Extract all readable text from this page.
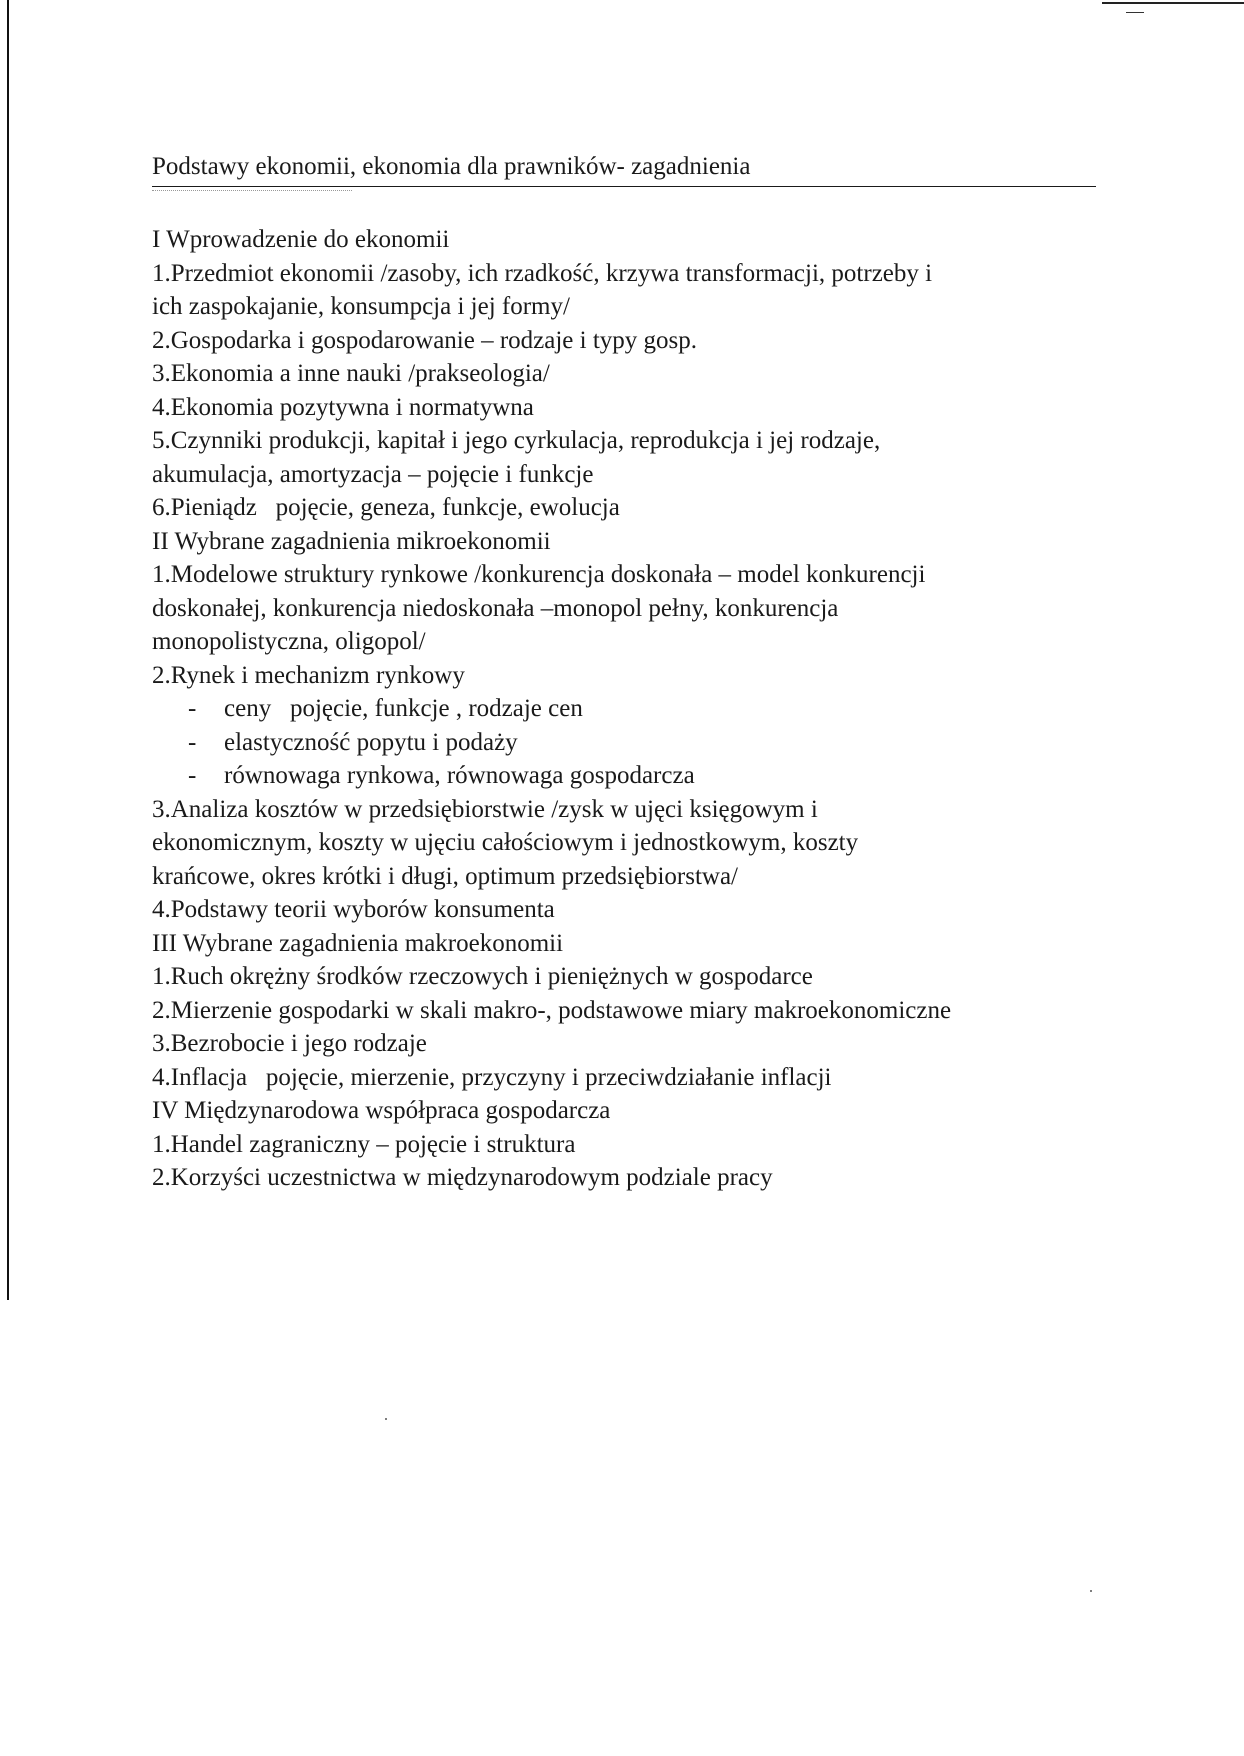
Podstawy ekonomii, ekonomia dla prawników- zagadnienia
I Wprowadzenie do ekonomii
1.Przedmiot ekonomii /zasoby, ich rzadkość, krzywa transformacji, potrzeby i
ich zaspokajanie, konsumpcja i jej formy/
2.Gospodarka i gospodarowanie – rodzaje i typy gosp.
3.Ekonomia a inne nauki /prakseologia/
4.Ekonomia pozytywna i normatywna
5.Czynniki produkcji, kapitał i jego cyrkulacja, reprodukcja i jej rodzaje,
akumulacja, amortyzacja – pojęcie i funkcje
6.Pieniądz   pojęcie, geneza, funkcje, ewolucja
II Wybrane zagadnienia mikroekonomii
1.Modelowe struktury rynkowe /konkurencja doskonała – model konkurencji
doskonałej, konkurencja niedoskonała –monopol pełny, konkurencja
monopolistyczna, oligopol/
2.Rynek i mechanizm rynkowy
- ceny   pojęcie, funkcje , rodzaje cen
- elastyczność popytu i podaży
- równowaga rynkowa, równowaga gospodarcza
3.Analiza kosztów w przedsiębiorstwie /zysk w ujęci księgowym i
ekonomicznym, koszty w ujęciu całościowym i jednostkowym, koszty
krańcowe, okres krótki i długi, optimum przedsiębiorstwa/
4.Podstawy teorii wyborów konsumenta
III Wybrane zagadnienia makroekonomii
1.Ruch okrężny środków rzeczowych i pieniężnych w gospodarce
2.Mierzenie gospodarki w skali makro-, podstawowe miary makroekonomiczne
3.Bezrobocie i jego rodzaje
4.Inflacja   pojęcie, mierzenie, przyczyny i przeciwdziałanie inflacji
IV Międzynarodowa współpraca gospodarcza
1.Handel zagraniczny – pojęcie i struktura
2.Korzyści uczestnictwa w międzynarodowym podziale pracy
